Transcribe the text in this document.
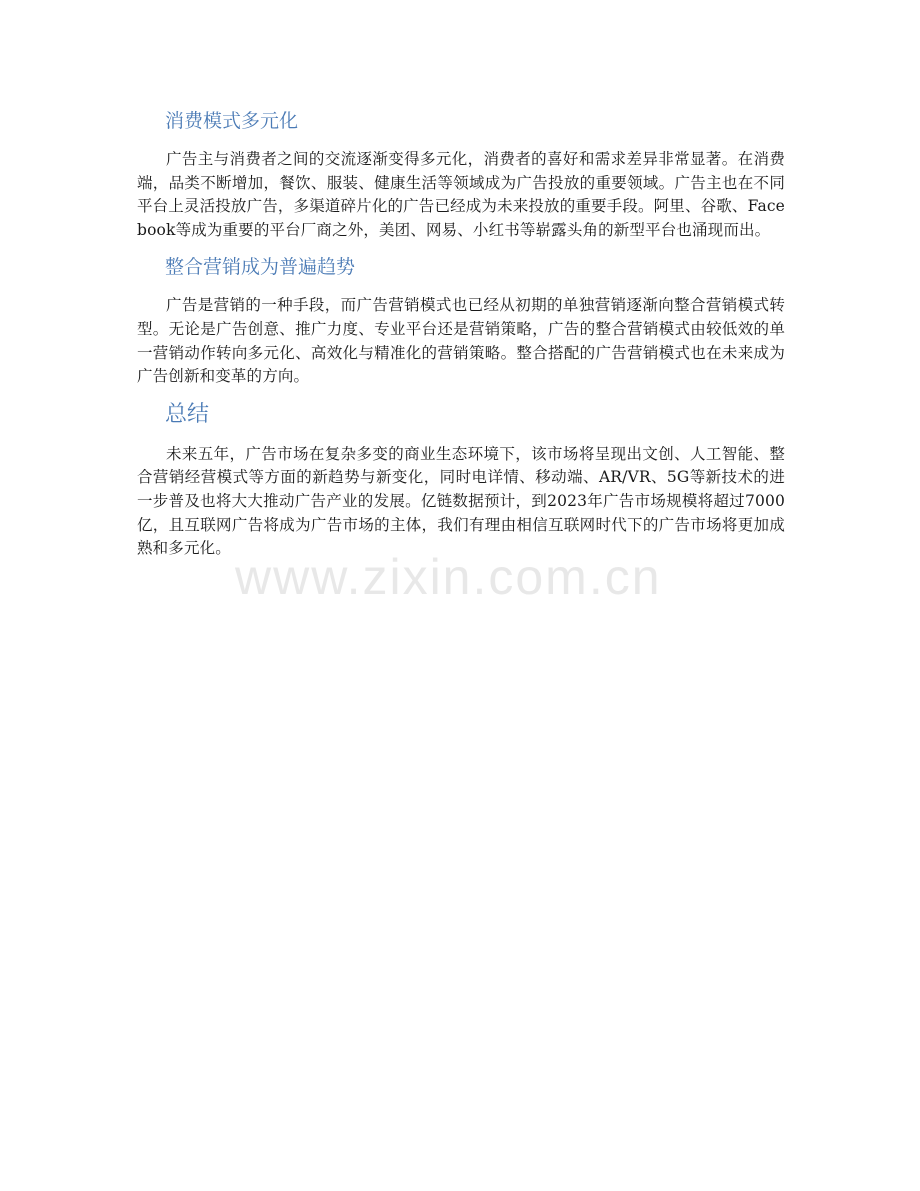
消费模式多元化

广告主与消费者之间的交流逐渐变得多元化，消费者的喜好和需求差异非常显著。在消费端，品类不断增加，餐饮、服装、健康生活等领域成为广告投放的重要领域。广告主也在不同平台上灵活投放广告，多渠道碎片化的广告已经成为未来投放的重要手段。阿里、谷歌、Facebook等成为重要的平台厂商之外，美团、网易、小红书等崭露头角的新型平台也涌现而出。

整合营销成为普遍趋势

广告是营销的一种手段，而广告营销模式也已经从初期的单独营销逐渐向整合营销模式转型。无论是广告创意、推广力度、专业平台还是营销策略，广告的整合营销模式由较低效的单一营销动作转向多元化、高效化与精准化的营销策略。整合搭配的广告营销模式也在未来成为广告创新和变革的方向。

总结

未来五年，广告市场在复杂多变的商业生态环境下，该市场将呈现出文创、人工智能、整合营销经营模式等方面的新趋势与新变化，同时电详情、移动端、AR/VR、5G等新技术的进一步普及也将大大推动广告产业的发展。亿链数据预计，到2023年广告市场规模将超过7000亿，且互联网广告将成为广告市场的主体，我们有理由相信互联网时代下的广告市场将更加成熟和多元化。

www.zixin.com.cn
